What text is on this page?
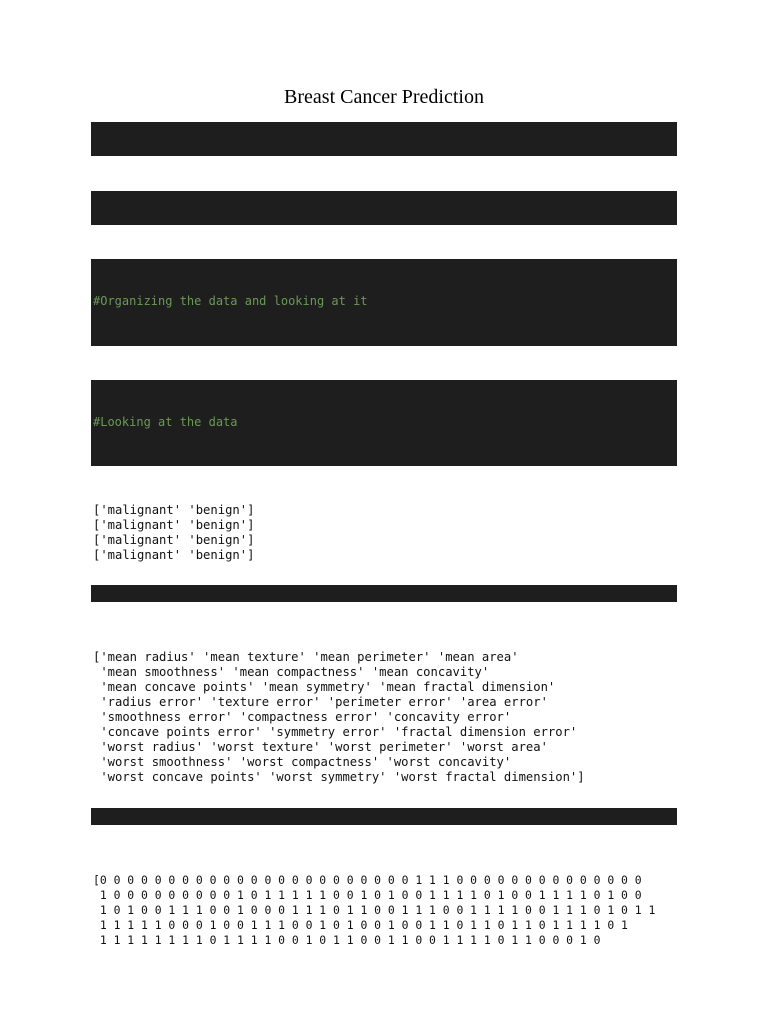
Breast Cancer Prediction

#Organizing the data and looking at it

#Looking at the data

['malignant' 'benign']
['malignant' 'benign']
['malignant' 'benign']
['malignant' 'benign']

['mean radius' 'mean texture' 'mean perimeter' 'mean area'
'mean smoothness' 'mean compactness' 'mean concavity'
'mean concave points' 'mean symmetry' 'mean fractal dimension'
'radius error' 'texture error' 'perimeter error' 'area error'
'smoothness error' 'compactness error' 'concavity error'
'concave points error' 'symmetry error' 'fractal dimension error'
'worst radius' 'worst texture' 'worst perimeter' 'worst area'
'worst smoothness' 'worst compactness' 'worst concavity'
'worst concave points' 'worst symmetry' 'worst fractal dimension']

[0 0 0 0 0 0 0 0 0 0 0 0 0 0 0 0 0 0 0 0 0 0 0 1 1 1 0 0 0 0 0 0 0 0 0 0 0 0 0 0
1 0 0 0 0 0 0 0 0 0 1 0 1 1 1 1 1 0 0 1 0 1 0 0 1 1 1 1 0 1 0 0 1 1 1 1 0 1 0 0
1 0 1 0 0 1 1 1 0 0 1 0 0 0 1 1 1 0 1 1 0 0 1 1 1 0 0 1 1 1 1 0 0 1 1 1 0 1 0 1 1
1 1 1 1 1 0 0 0 1 0 0 1 1 1 0 0 1 0 1 0 0 1 0 0 1 1 0 1 1 0 1 1 0 1 1 1 1 0 1
1 1 1 1 1 1 1 1 0 1 1 1 1 0 0 1 0 1 1 0 0 1 1 0 0 1 1 1 1 0 1 1 0 0 0 1 0
